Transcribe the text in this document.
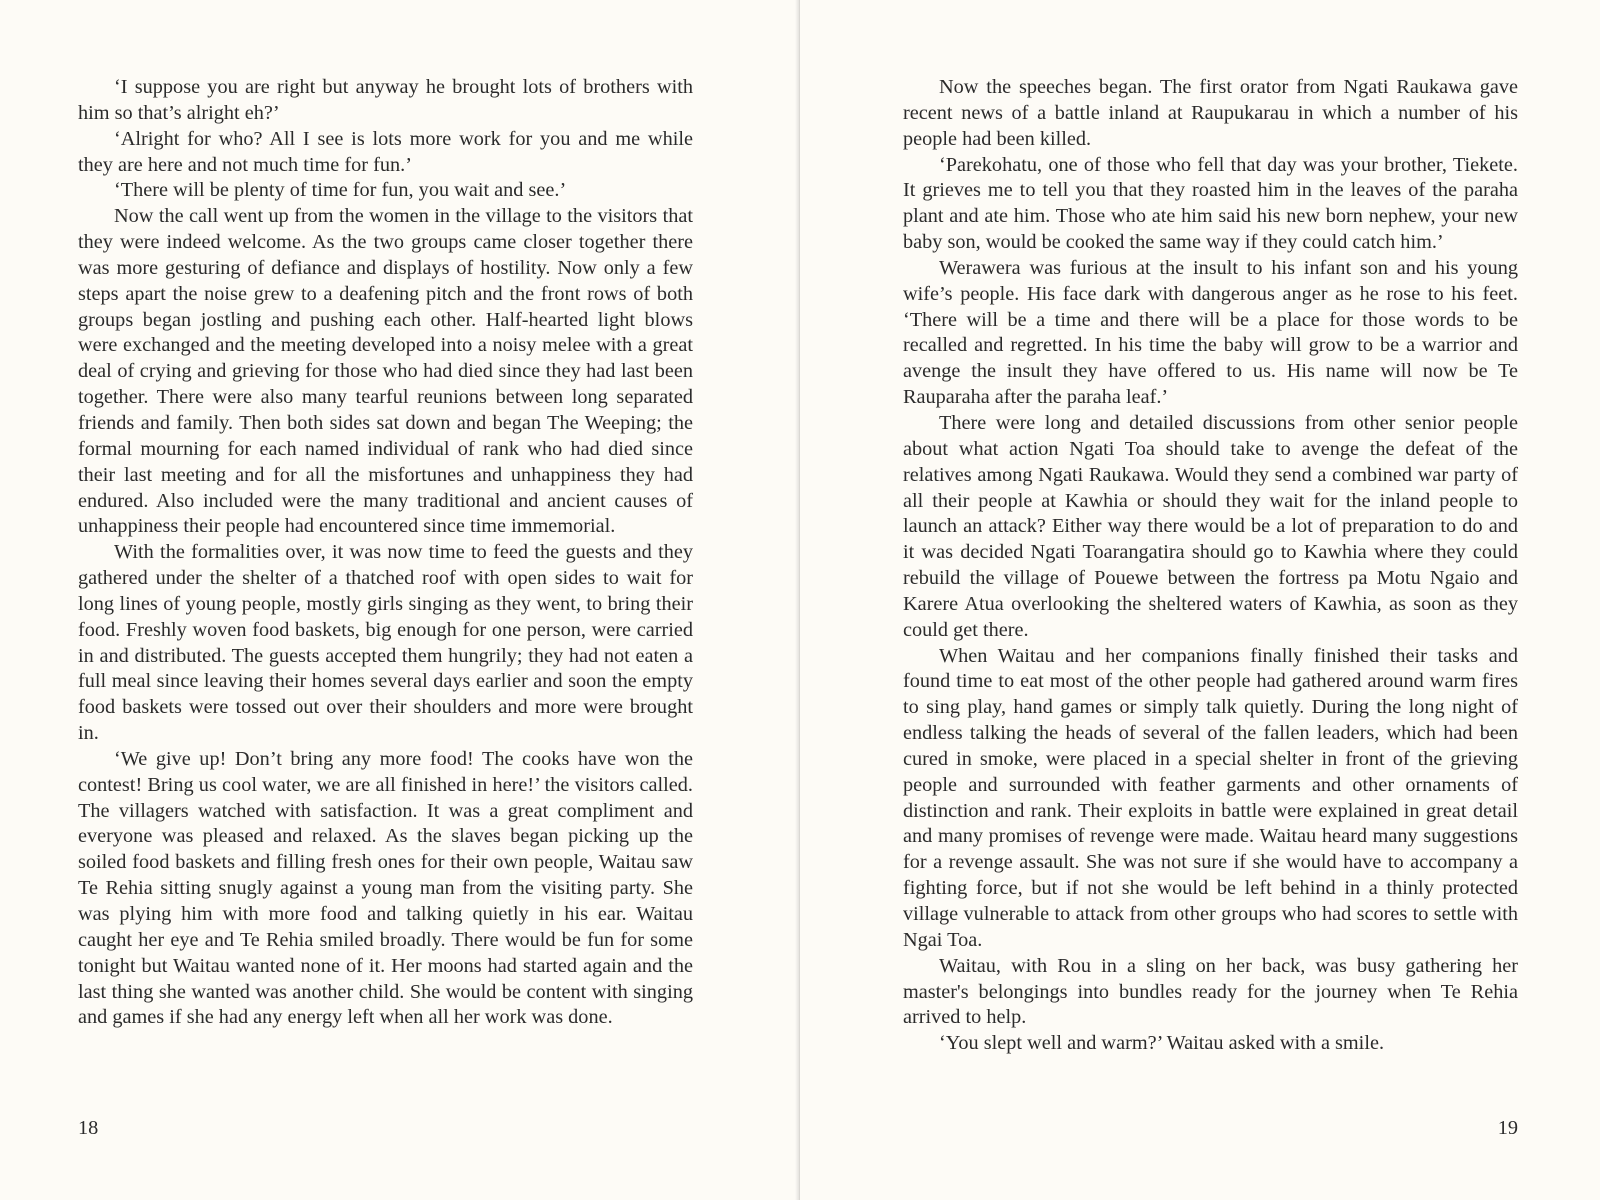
‘I suppose you are right but anyway he brought lots of brothers with him so that’s alright eh?’

‘Alright for who? All I see is lots more work for you and me while they are here and not much time for fun.’

‘There will be plenty of time for fun, you wait and see.’

Now the call went up from the women in the village to the visitors that they were indeed welcome. As the two groups came closer together there was more gesturing of defiance and displays of hostility. Now only a few steps apart the noise grew to a deafening pitch and the front rows of both groups began jostling and pushing each other. Half-hearted light blows were exchanged and the meeting developed into a noisy melee with a great deal of crying and grieving for those who had died since they had last been together. There were also many tearful reunions between long separated friends and family. Then both sides sat down and began The Weeping; the formal mourning for each named individual of rank who had died since their last meeting and for all the misfortunes and unhappiness they had endured. Also included were the many traditional and ancient causes of unhappiness their people had encountered since time immemorial.

With the formalities over, it was now time to feed the guests and they gathered under the shelter of a thatched roof with open sides to wait for long lines of young people, mostly girls singing as they went, to bring their food. Freshly woven food baskets, big enough for one person, were carried in and distributed. The guests accepted them hungrily; they had not eaten a full meal since leaving their homes several days earlier and soon the empty food baskets were tossed out over their shoulders and more were brought in.

‘We give up! Don’t bring any more food! The cooks have won the contest! Bring us cool water, we are all finished in here!’ the visitors called. The villagers watched with satisfaction. It was a great compliment and everyone was pleased and relaxed. As the slaves began picking up the soiled food baskets and filling fresh ones for their own people, Waitau saw Te Rehia sitting snugly against a young man from the visiting party. She was plying him with more food and talking quietly in his ear. Waitau caught her eye and Te Rehia smiled broadly. There would be fun for some tonight but Waitau wanted none of it. Her moons had started again and the last thing she wanted was another child. She would be content with singing and games if she had any energy left when all her work was done.

18

Now the speeches began. The first orator from Ngati Raukawa gave recent news of a battle inland at Raupukarau in which a number of his people had been killed.

‘Parekohatu, one of those who fell that day was your brother, Tiekete. It grieves me to tell you that they roasted him in the leaves of the paraha plant and ate him. Those who ate him said his new born nephew, your new baby son, would be cooked the same way if they could catch him.’

Werawera was furious at the insult to his infant son and his young wife’s people. His face dark with dangerous anger as he rose to his feet. ‘There will be a time and there will be a place for those words to be recalled and regretted. In his time the baby will grow to be a warrior and avenge the insult they have offered to us. His name will now be Te Rauparaha after the paraha leaf.’

There were long and detailed discussions from other senior people about what action Ngati Toa should take to avenge the defeat of the relatives among Ngati Raukawa. Would they send a combined war party of all their people at Kawhia or should they wait for the inland people to launch an attack? Either way there would be a lot of preparation to do and it was decided Ngati Toarangatira should go to Kawhia where they could rebuild the village of Pouewe between the fortress pa Motu Ngaio and Karere Atua overlooking the sheltered waters of Kawhia, as soon as they could get there.

When Waitau and her companions finally finished their tasks and found time to eat most of the other people had gathered around warm fires to sing play, hand games or simply talk quietly. During the long night of endless talking the heads of several of the fallen leaders, which had been cured in smoke, were placed in a special shelter in front of the grieving people and surrounded with feather garments and other ornaments of distinction and rank. Their exploits in battle were explained in great detail and many promises of revenge were made. Waitau heard many suggestions for a revenge assault. She was not sure if she would have to accompany a fighting force, but if not she would be left behind in a thinly protected village vulnerable to attack from other groups who had scores to settle with Ngai Toa.

Waitau, with Rou in a sling on her back, was busy gathering her master's belongings into bundles ready for the journey when Te Rehia arrived to help.

‘You slept well and warm?’ Waitau asked with a smile.

19
